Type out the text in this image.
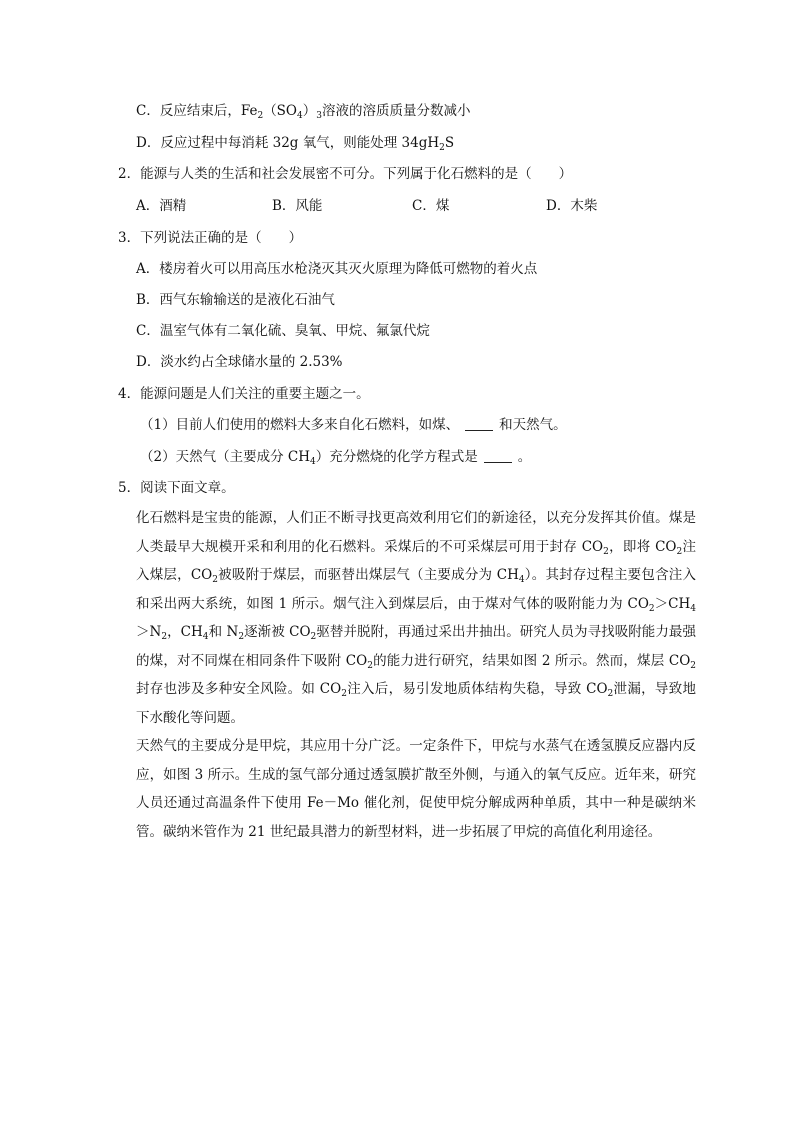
C．反应结束后，$Fe_2(SO_4)_3$溶液的溶质质量分数减小
D．反应过程中每消耗 32g 氧气，则能处理 $34gH_2S$
2．能源与人类的生活和社会发展密不可分。下列属于化石燃料的是（　　）
A．酒精	B．风能	C．煤	D．木柴
3．下列说法正确的是（　　）
A．楼房着火可以用高压水枪浇灭其灭火原理为降低可燃物的着火点
B．西气东输输送的是液化石油气
C．温室气体有二氧化硫、臭氧、甲烷、氟氯代烷
D．淡水约占全球储水量的 2.53%
4．能源问题是人们关注的重要主题之一。
（1）目前人们使用的燃料大多来自化石燃料，如煤、	和天然气。
（2）天然气（主要成分 $CH_4$）充分燃烧的化学方程式是	。
5．阅读下面文章。
化石燃料是宝贵的能源，人们正不断寻找更高效利用它们的新途径，以充分发挥其价值。煤是人类最早大规模开采和利用的化石燃料。采煤后的不可采煤层可用于封存 $CO_2$，即将 $CO_2$注入煤层，$CO_2$被吸附于煤层，而驱替出煤层气（主要成分为 $CH_4$）。其封存过程主要包含注入和采出两大系统，如图 1 所示。烟气注入到煤层后，由于煤对气体的吸附能力为 $CO_2>CH_4>N_2$，$CH_4$和 $N_2$逐渐被 $CO_2$驱替并脱附，再通过采出井抽出。研究人员为寻找吸附能力最强的煤，对不同煤在相同条件下吸附 $CO_2$的能力进行研究，结果如图 2 所示。然而，煤层 $CO_2$封存也涉及多种安全风险。如 $CO_2$注入后，易引发地质体结构失稳，导致 $CO_2$泄漏，导致地下水酸化等问题。
天然气的主要成分是甲烷，其应用十分广泛。一定条件下，甲烷与水蒸气在透氢膜反应器内反应，如图 3 所示。生成的氢气部分通过透氢膜扩散至外侧，与通入的氧气反应。近年来，研究人员还通过高温条件下使用 Fe－Mo 催化剂，促使甲烷分解成两种单质，其中一种是碳纳米管。碳纳米管作为 21 世纪最具潜力的新型材料，进一步拓展了甲烷的高值化利用途径。
